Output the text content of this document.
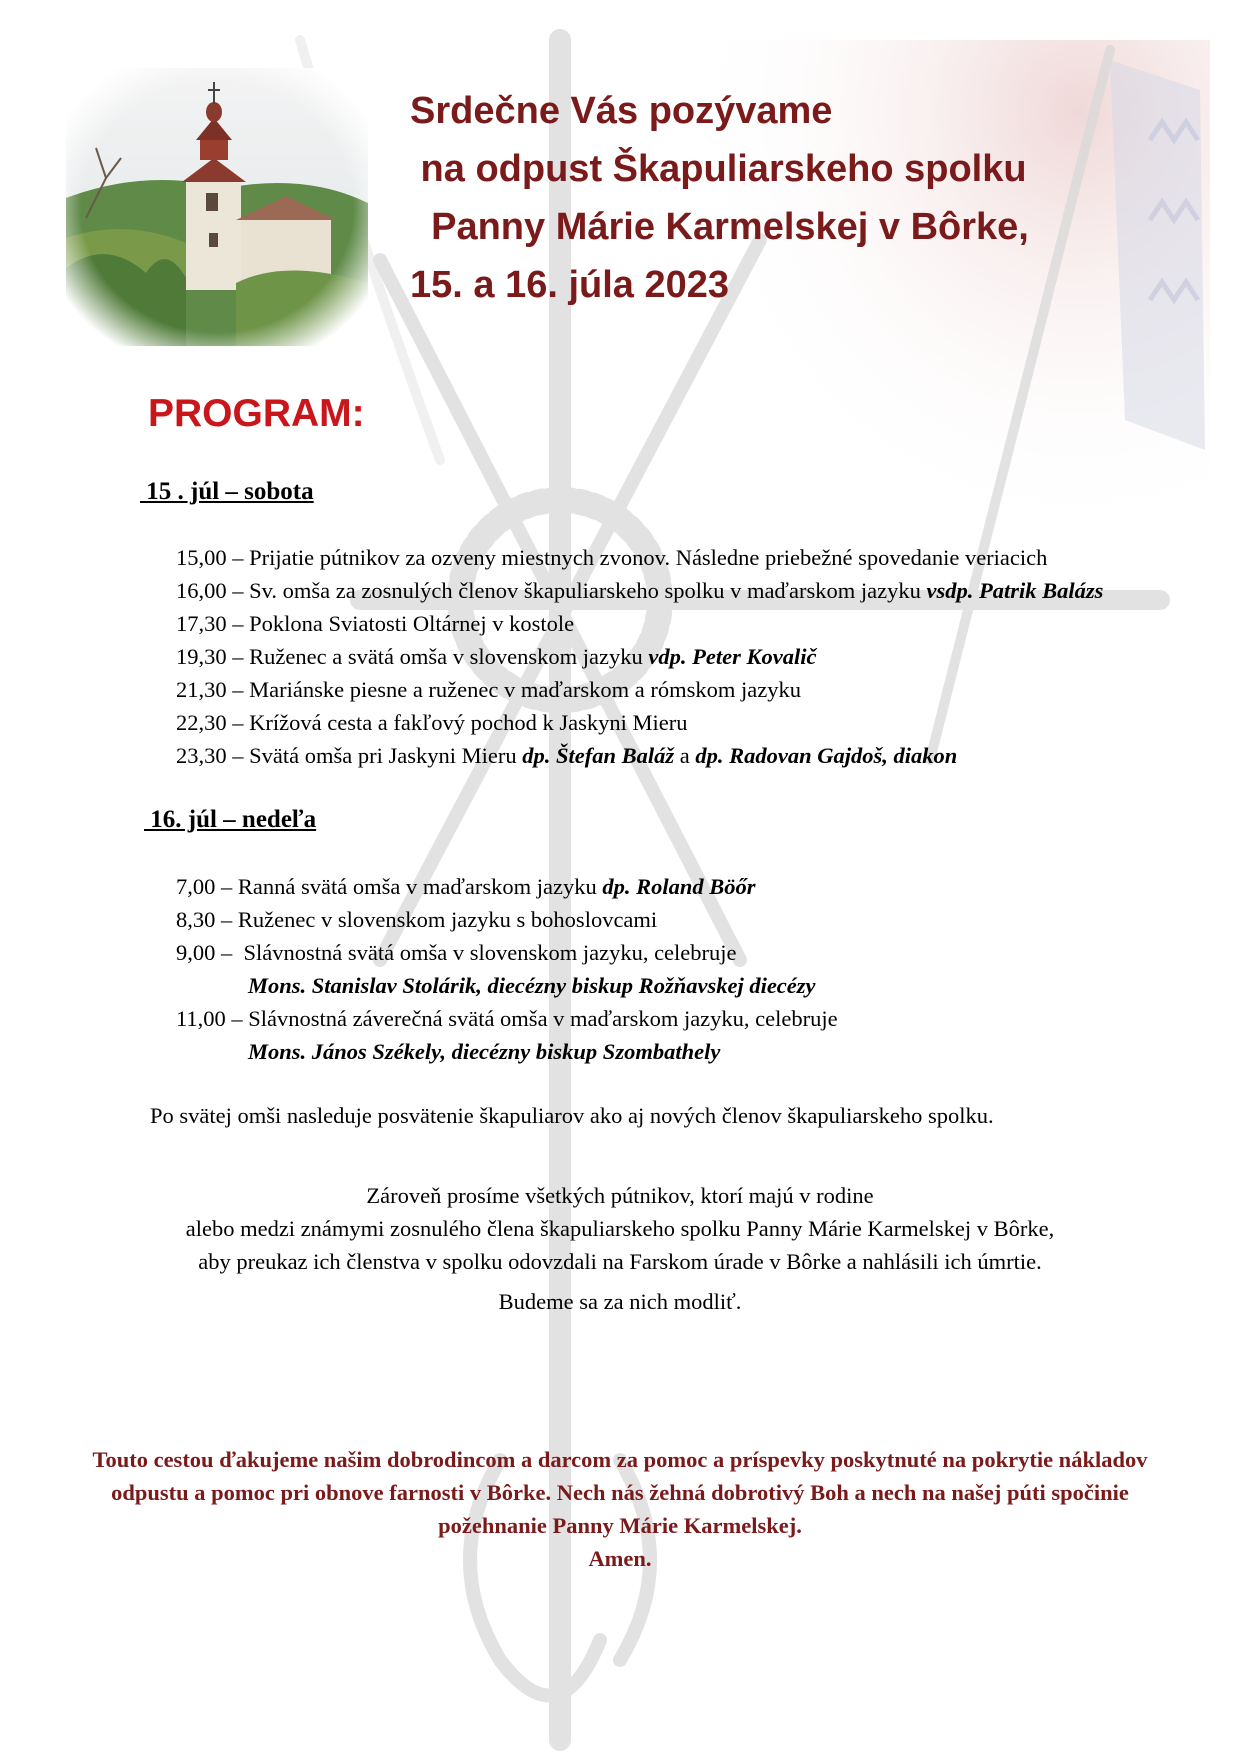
Srdečne Vás pozývame
na odpust Škapuliarskeho spolku
Panny Márie Karmelskej v Bôrke,
15. a 16. júla 2023
PROGRAM:
15 . júl – sobota
15,00 – Prijatie pútnikov za ozveny miestnych zvonov. Následne priebežné spovedanie veriacich
16,00 – Sv. omša za zosnulých členov škapuliarskeho spolku v maďarskom jazyku vsdp. Patrik Balázs
17,30 – Poklona Sviatosti Oltárnej v kostole
19,30 – Ruženec a svätá omša v slovenskom jazyku vdp. Peter Kovalič
21,30 – Mariánske piesne a ruženec v maďarskom a rómskom jazyku
22,30 – Krížová cesta a fakľový pochod k Jaskyni Mieru
23,30 – Svätá omša pri Jaskyni Mieru dp. Štefan Baláž a dp. Radovan Gajdoš, diakon
16. júl – nedeľa
7,00 – Ranná svätá omša v maďarskom jazyku dp. Roland Böőr
8,30 – Ruženec v slovenskom jazyku s bohoslovcami
9,00 –  Slávnostná svätá omša v slovenskom jazyku, celebruje
Mons. Stanislav Stolárik, diecézny biskup Rožňavskej diecézy
11,00 – Slávnostná záverečná svätá omša v maďarskom jazyku, celebruje
Mons. János Székely, diecézny biskup Szombathely
Po svätej omši nasleduje posvätenie škapuliarov ako aj nových členov škapuliarskeho spolku.
Zároveň prosíme všetkých pútnikov, ktorí majú v rodine
alebo medzi známymi zosnulého člena škapuliarskeho spolku Panny Márie Karmelskej v Bôrke,
aby preukaz ich členstva v spolku odovzdali na Farskom úrade v Bôrke a nahlásili ich úmrtie.
Budeme sa za nich modliť.
Touto cestou ďakujeme našim dobrodincom a darcom za pomoc a príspevky poskytnuté na pokrytie nákladov
odpustu a pomoc pri obnove farnosti v Bôrke. Nech nás žehná dobrotivý Boh a nech na našej púti spočinie
požehnanie Panny Márie Karmelskej.
Amen.
